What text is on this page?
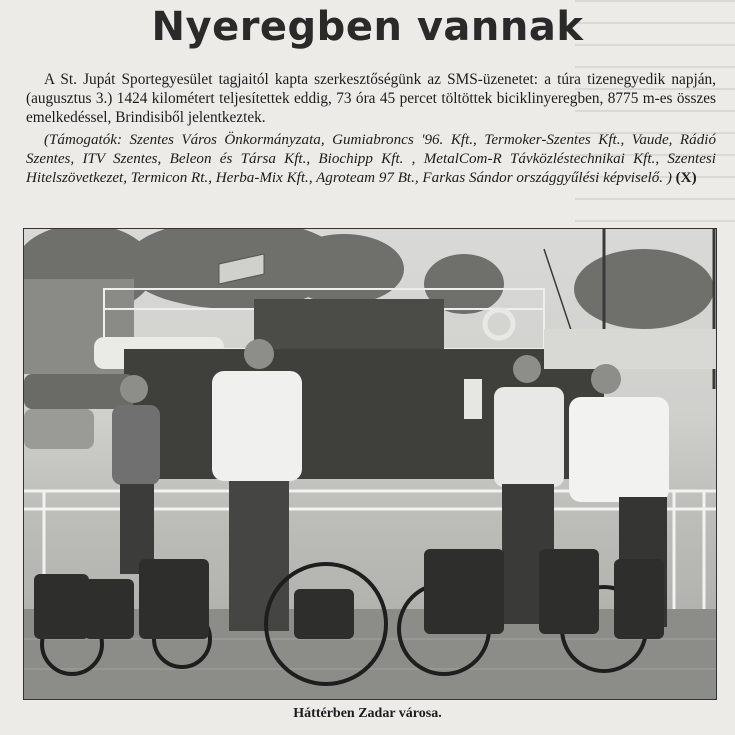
Nyeregben vannak
A St. Jupát Sportegyesület tagjaitól kapta szerkesztőségünk az SMS-üzenetet: a túra tizenegyedik napján, (augusztus 3.) 1424 kilométert teljesítettek eddig, 73 óra 45 percet töltöttek biciklinyeregben, 8775 m-es összes emelkedéssel, Brindisiből jelentkeztek.
(Támogatók: Szentes Város Önkormányzata, Gumiabroncs '96. Kft., Termoker-Szentes Kft., Vaude, Rádió Szentes, ITV Szentes, Beleon és Társa Kft., Biochipp Kft. , MetalCom-R Távközléstechnikai Kft., Szentesi Hitelszövetkezet, Termicon Rt., Herba-Mix Kft., Agroteam 97 Bt., Farkas Sándor országgyűlési képviselő. ) (X)
Háttérben Zadar városa.
